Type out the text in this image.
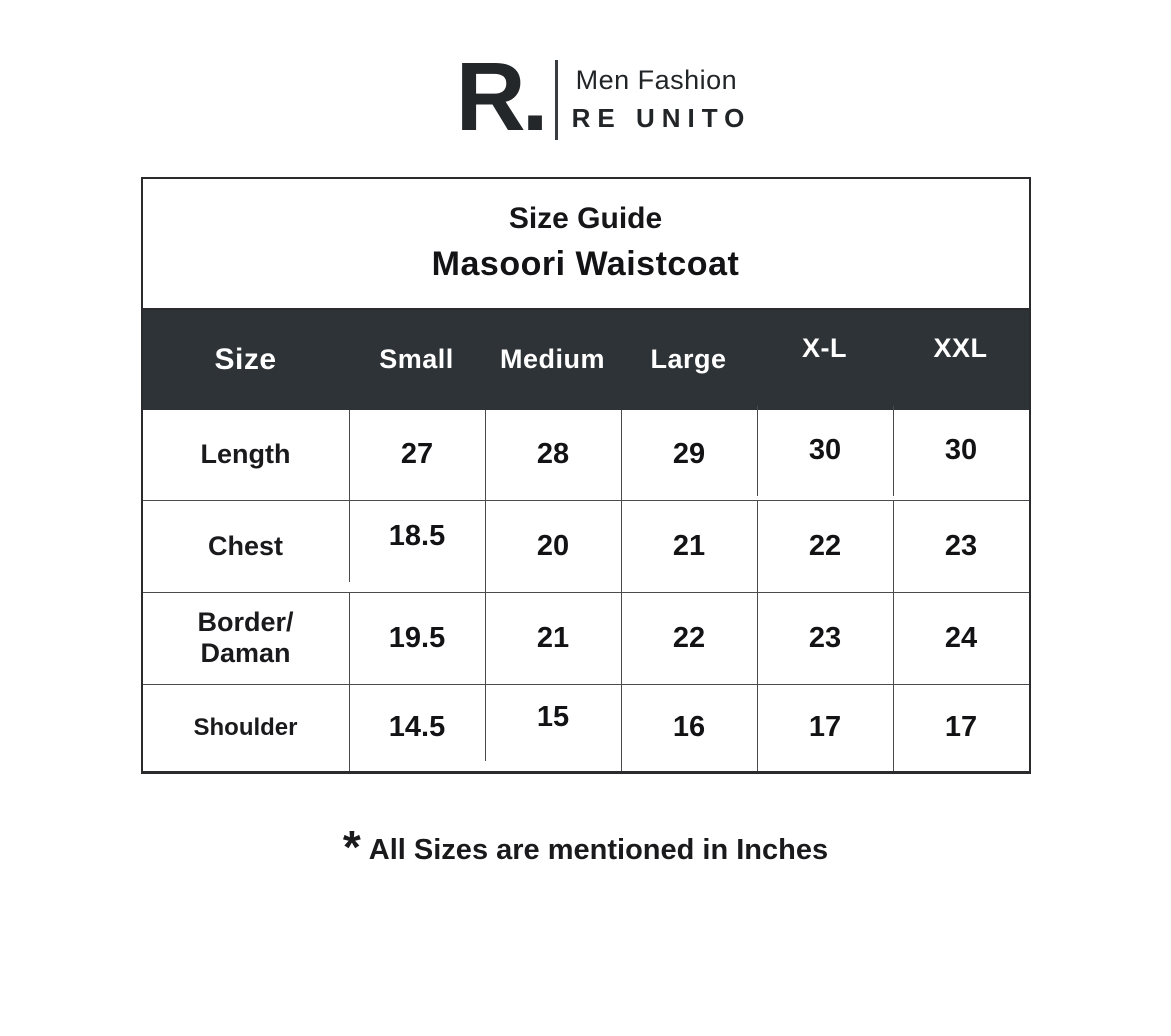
R. Men Fashion
RE UNITO
Size Guide
Masoori Waistcoat
Size	Small	Medium	Large	X-L	XXL
Length	27	28	29	30	30
Chest	18.5	20	21	22	23
Border/ Daman	19.5	21	22	23	24
Shoulder	14.5	15	16	17	17
* All Sizes are mentioned in Inches
